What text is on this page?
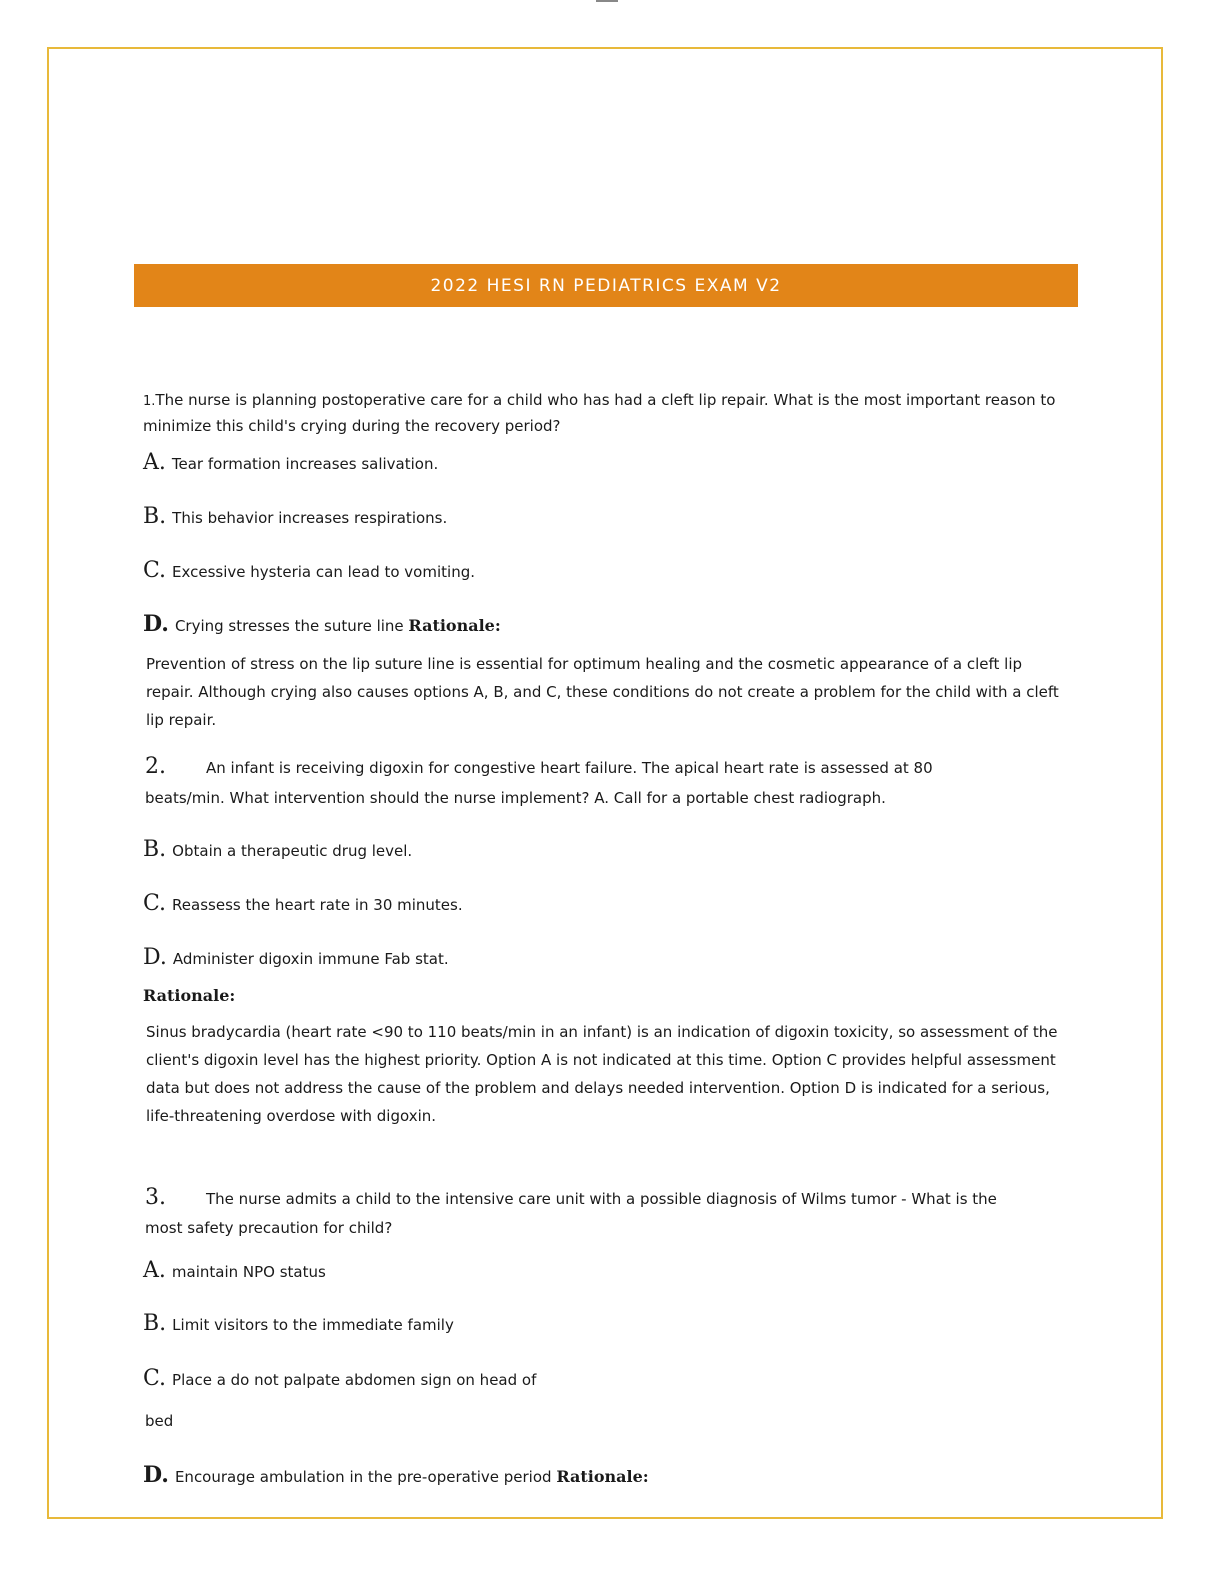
2022 HESI RN PEDIATRICS EXAM V2

1.The nurse is planning postoperative care for a child who has had a cleft lip repair. What is the most important reason to minimize this child's crying during the recovery period?

A. Tear formation increases salivation.
B. This behavior increases respirations.
C. Excessive hysteria can lead to vomiting.
D. Crying stresses the suture line Rationale:

Prevention of stress on the lip suture line is essential for optimum healing and the cosmetic appearance of a cleft lip repair. Although crying also causes options A, B, and C, these conditions do not create a problem for the child with a cleft lip repair.

2.	An infant is receiving digoxin for congestive heart failure. The apical heart rate is assessed at 80
beats/min. What intervention should the nurse implement? A. Call for a portable chest radiograph.
B. Obtain a therapeutic drug level.
C. Reassess the heart rate in 30 minutes.
D. Administer digoxin immune Fab stat.
Rationale:

Sinus bradycardia (heart rate <90 to 110 beats/min in an infant) is an indication of digoxin toxicity, so assessment of the client's digoxin level has the highest priority. Option A is not indicated at this time. Option C provides helpful assessment data but does not address the cause of the problem and delays needed intervention. Option D is indicated for a serious, life-threatening overdose with digoxin.

3.	The nurse admits a child to the intensive care unit with a possible diagnosis of Wilms tumor - What is the
most safety precaution for child?
A. maintain NPO status
B. Limit visitors to the immediate family
C. Place a do not palpate abdomen sign on head of
bed
D. Encourage ambulation in the pre-operative period Rationale:
